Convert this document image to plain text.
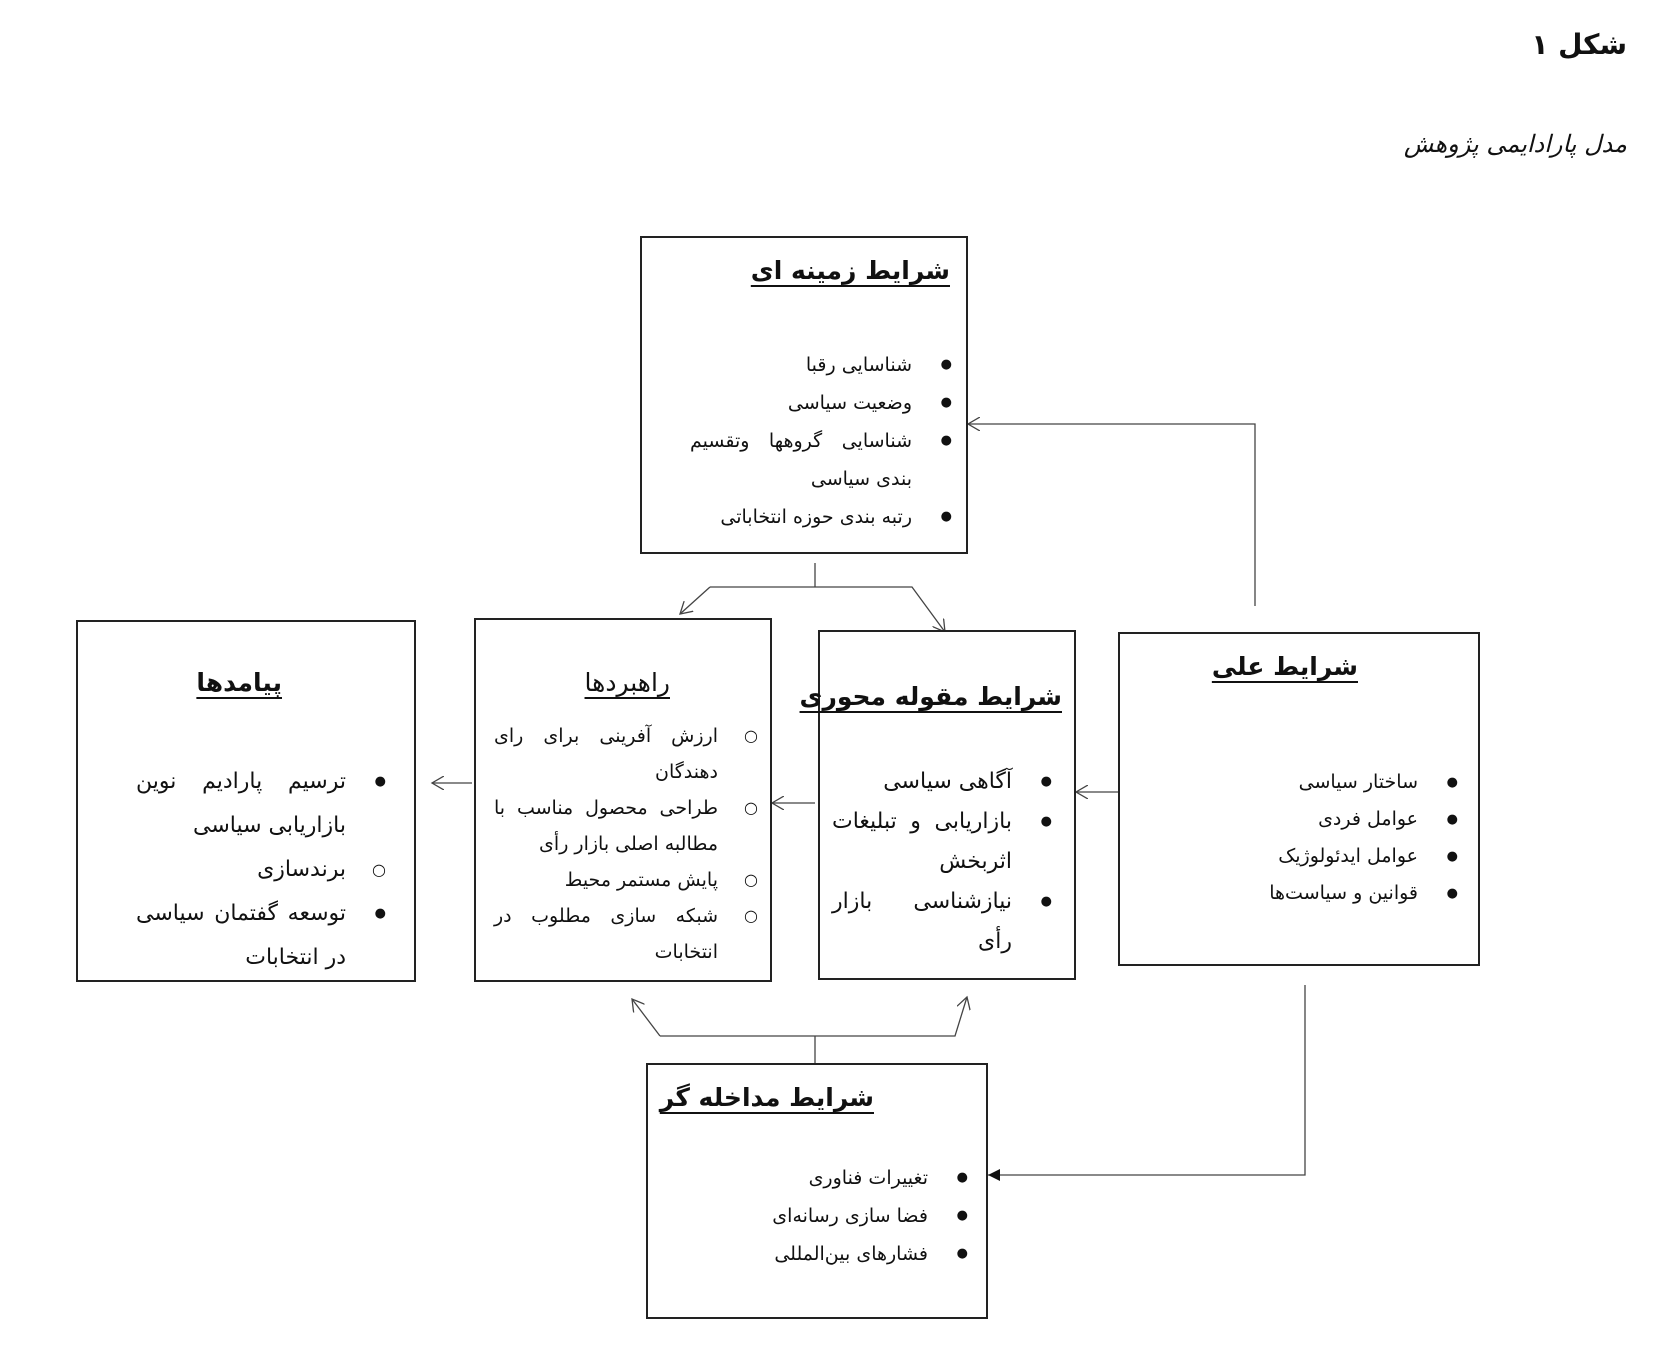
شکل ۱
مدل پارادایمی پژوهش
شرایط زمینه ای
● شناسایی رقبا
● وضعیت سیاسی
● شناسایی گروهها وتقسیم بندی سیاسی
● رتبه بندی حوزه انتخاباتی
شرایط علی
● ساختار سیاسی
● عوامل فردی
● عوامل ایدئولوژیک
● قوانین و سیاست‌ها
شرایط مقوله محوری
● آگاهی سیاسی
● بازاریابی و تبلیغات اثربخش
● نیازشناسی بازار رأی
راهبردها
○ ارزش آفرینی برای رای دهندگان
○ طراحی محصول مناسب با مطالبه اصلی بازار رأی
○ پایش مستمر محیط
○ شبکه سازی مطلوب در انتخابات
پیامدها
● ترسیم پارادیم نوین بازاریابی سیاسی
○ برندسازی
● توسعه گفتمان سیاسی در انتخابات
شرایط مداخله گر
● تغییرات فناوری
● فضا سازی رسانه‌ای
● فشارهای بین‌المللی
